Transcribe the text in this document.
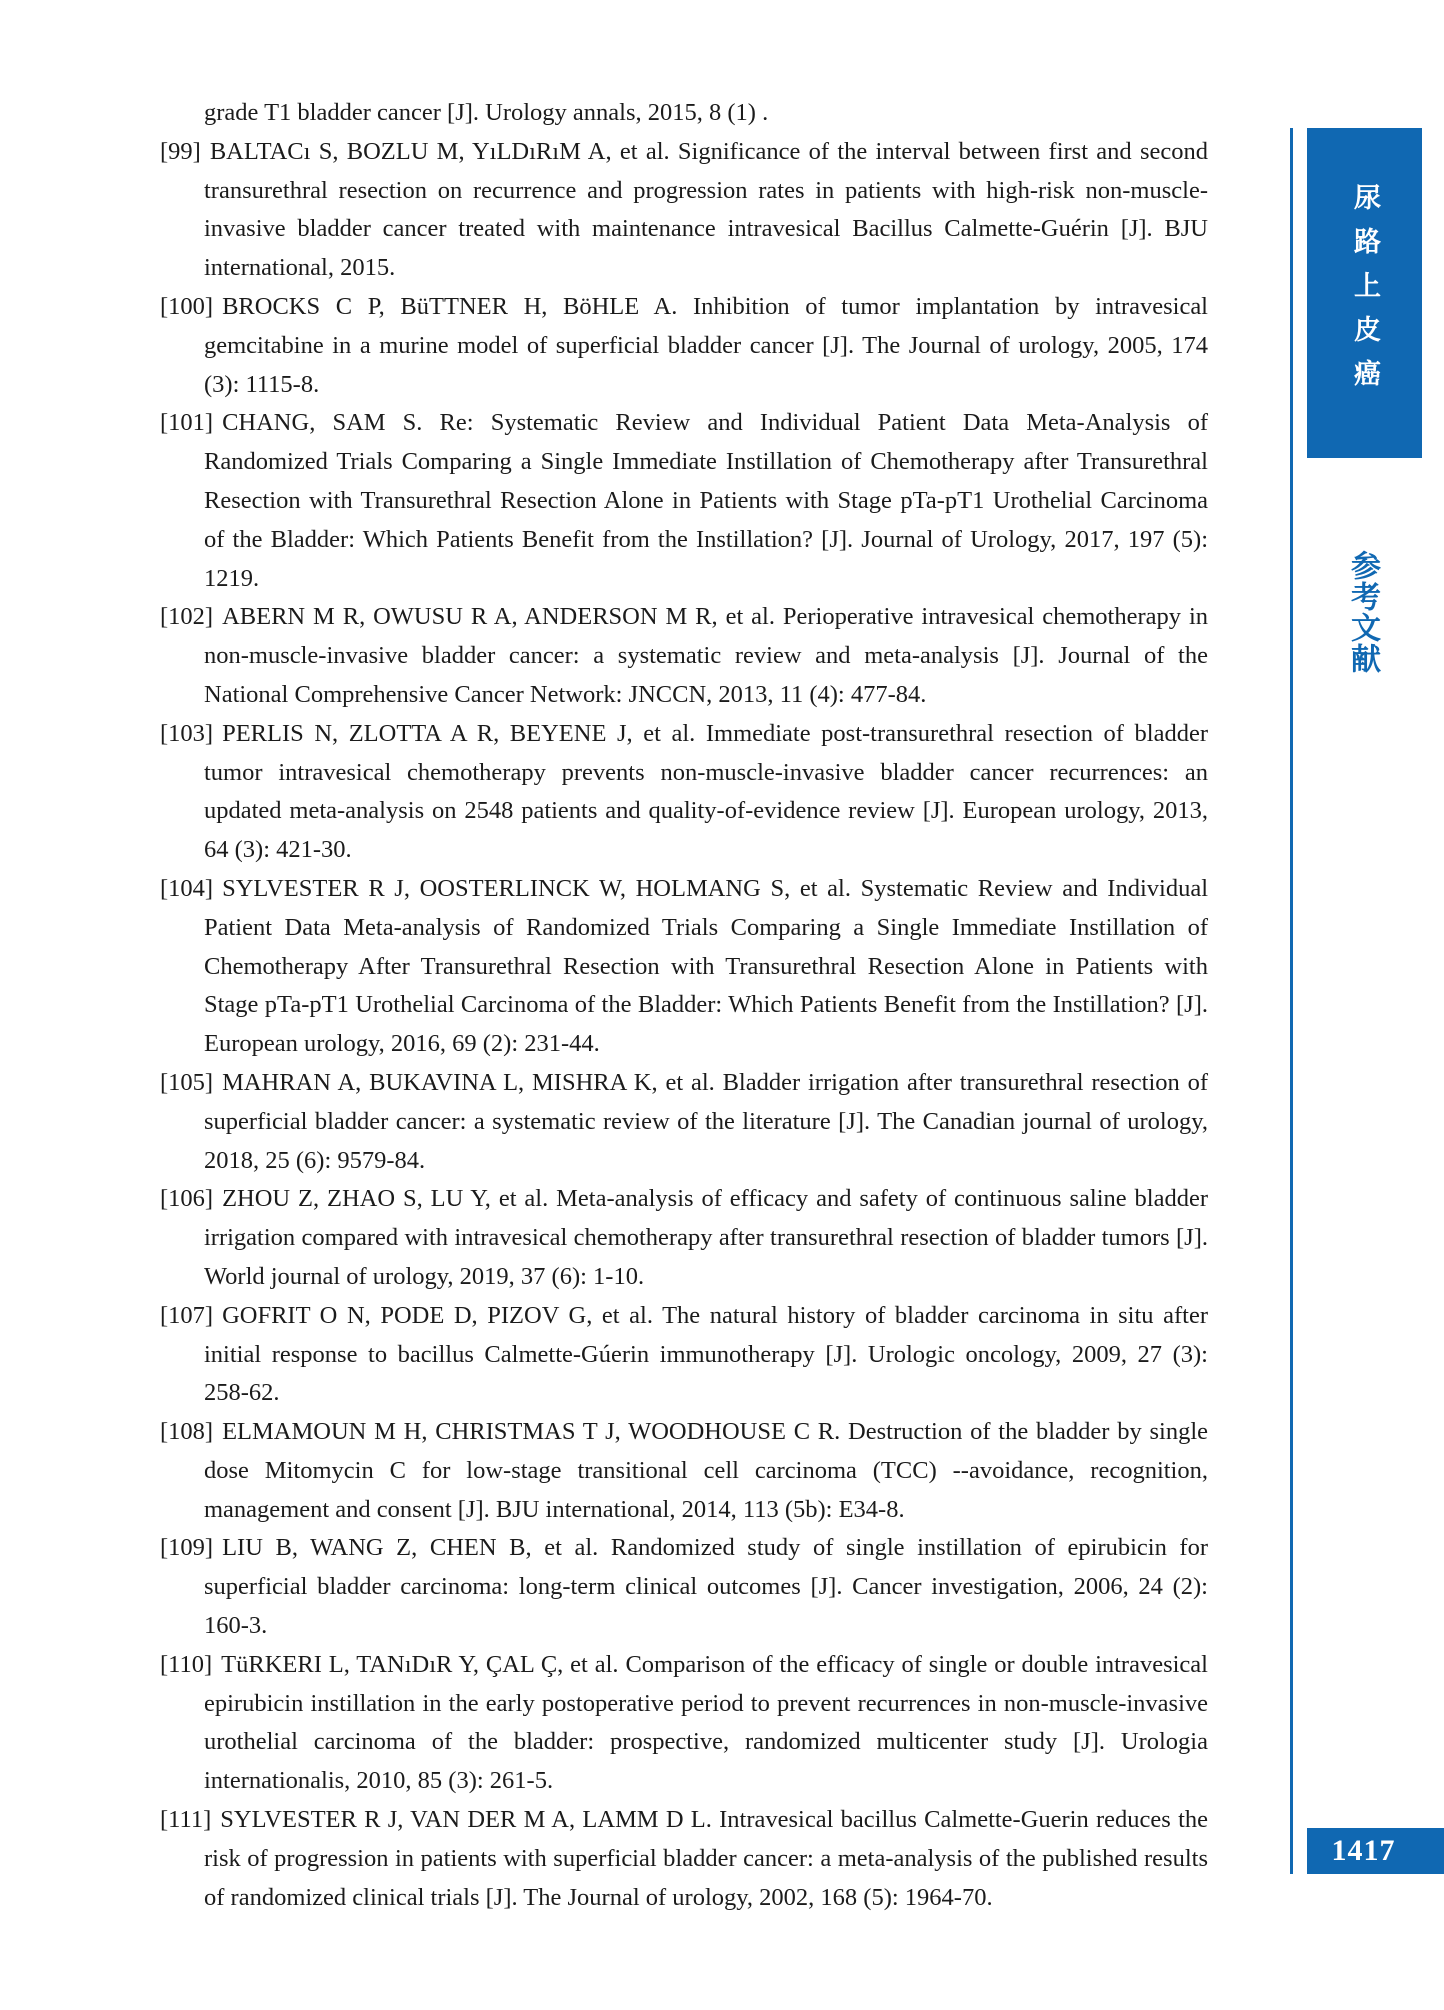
grade T1 bladder cancer [J]. Urology annals, 2015, 8 (1) .
[99] BALTACı S, BOZLU M, YıLDıRıM A, et al. Significance of the interval between first and second transurethral resection on recurrence and progression rates in patients with high-risk non-muscle-invasive bladder cancer treated with maintenance intravesical Bacillus Calmette-Guérin [J]. BJU international, 2015.
[100] BROCKS C P, BüTTNER H, BöHLE A. Inhibition of tumor implantation by intravesical gemcitabine in a murine model of superficial bladder cancer [J]. The Journal of urology, 2005, 174 (3): 1115-8.
[101] CHANG, SAM S. Re: Systematic Review and Individual Patient Data Meta-Analysis of Randomized Trials Comparing a Single Immediate Instillation of Chemotherapy after Transurethral Resection with Transurethral Resection Alone in Patients with Stage pTa-pT1 Urothelial Carcinoma of the Bladder: Which Patients Benefit from the Instillation? [J]. Journal of Urology, 2017, 197 (5): 1219.
[102] ABERN M R, OWUSU R A, ANDERSON M R, et al. Perioperative intravesical chemotherapy in non-muscle-invasive bladder cancer: a systematic review and meta-analysis [J]. Journal of the National Comprehensive Cancer Network: JNCCN, 2013, 11 (4): 477-84.
[103] PERLIS N, ZLOTTA A R, BEYENE J, et al. Immediate post-transurethral resection of bladder tumor intravesical chemotherapy prevents non-muscle-invasive bladder cancer recurrences: an updated meta-analysis on 2548 patients and quality-of-evidence review [J]. European urology, 2013, 64 (3): 421-30.
[104] SYLVESTER R J, OOSTERLINCK W, HOLMANG S, et al. Systematic Review and Individual Patient Data Meta-analysis of Randomized Trials Comparing a Single Immediate Instillation of Chemotherapy After Transurethral Resection with Transurethral Resection Alone in Patients with Stage pTa-pT1 Urothelial Carcinoma of the Bladder: Which Patients Benefit from the Instillation? [J]. European urology, 2016, 69 (2): 231-44.
[105] MAHRAN A, BUKAVINA L, MISHRA K, et al. Bladder irrigation after transurethral resection of superficial bladder cancer: a systematic review of the literature [J]. The Canadian journal of urology, 2018, 25 (6): 9579-84.
[106] ZHOU Z, ZHAO S, LU Y, et al. Meta-analysis of efficacy and safety of continuous saline bladder irrigation compared with intravesical chemotherapy after transurethral resection of bladder tumors [J]. World journal of urology, 2019, 37 (6): 1-10.
[107] GOFRIT O N, PODE D, PIZOV G, et al. The natural history of bladder carcinoma in situ after initial response to bacillus Calmette-Gúerin immunotherapy [J]. Urologic oncology, 2009, 27 (3): 258-62.
[108] ELMAMOUN M H, CHRISTMAS T J, WOODHOUSE C R. Destruction of the bladder by single dose Mitomycin C for low-stage transitional cell carcinoma (TCC) --avoidance, recognition, management and consent [J]. BJU international, 2014, 113 (5b): E34-8.
[109] LIU B, WANG Z, CHEN B, et al. Randomized study of single instillation of epirubicin for superficial bladder carcinoma: long-term clinical outcomes [J]. Cancer investigation, 2006, 24 (2): 160-3.
[110] TüRKERI L, TANıDıR Y, ÇAL Ç, et al. Comparison of the efficacy of single or double intravesical epirubicin instillation in the early postoperative period to prevent recurrences in non-muscle-invasive urothelial carcinoma of the bladder: prospective, randomized multicenter study [J]. Urologia internationalis, 2010, 85 (3): 261-5.
[111] SYLVESTER R J, VAN DER M A, LAMM D L. Intravesical bacillus Calmette-Guerin reduces the risk of progression in patients with superficial bladder cancer: a meta-analysis of the published results of randomized clinical trials [J]. The Journal of urology, 2002, 168 (5): 1964-70.
尿路上皮癌
参考文献
1417
